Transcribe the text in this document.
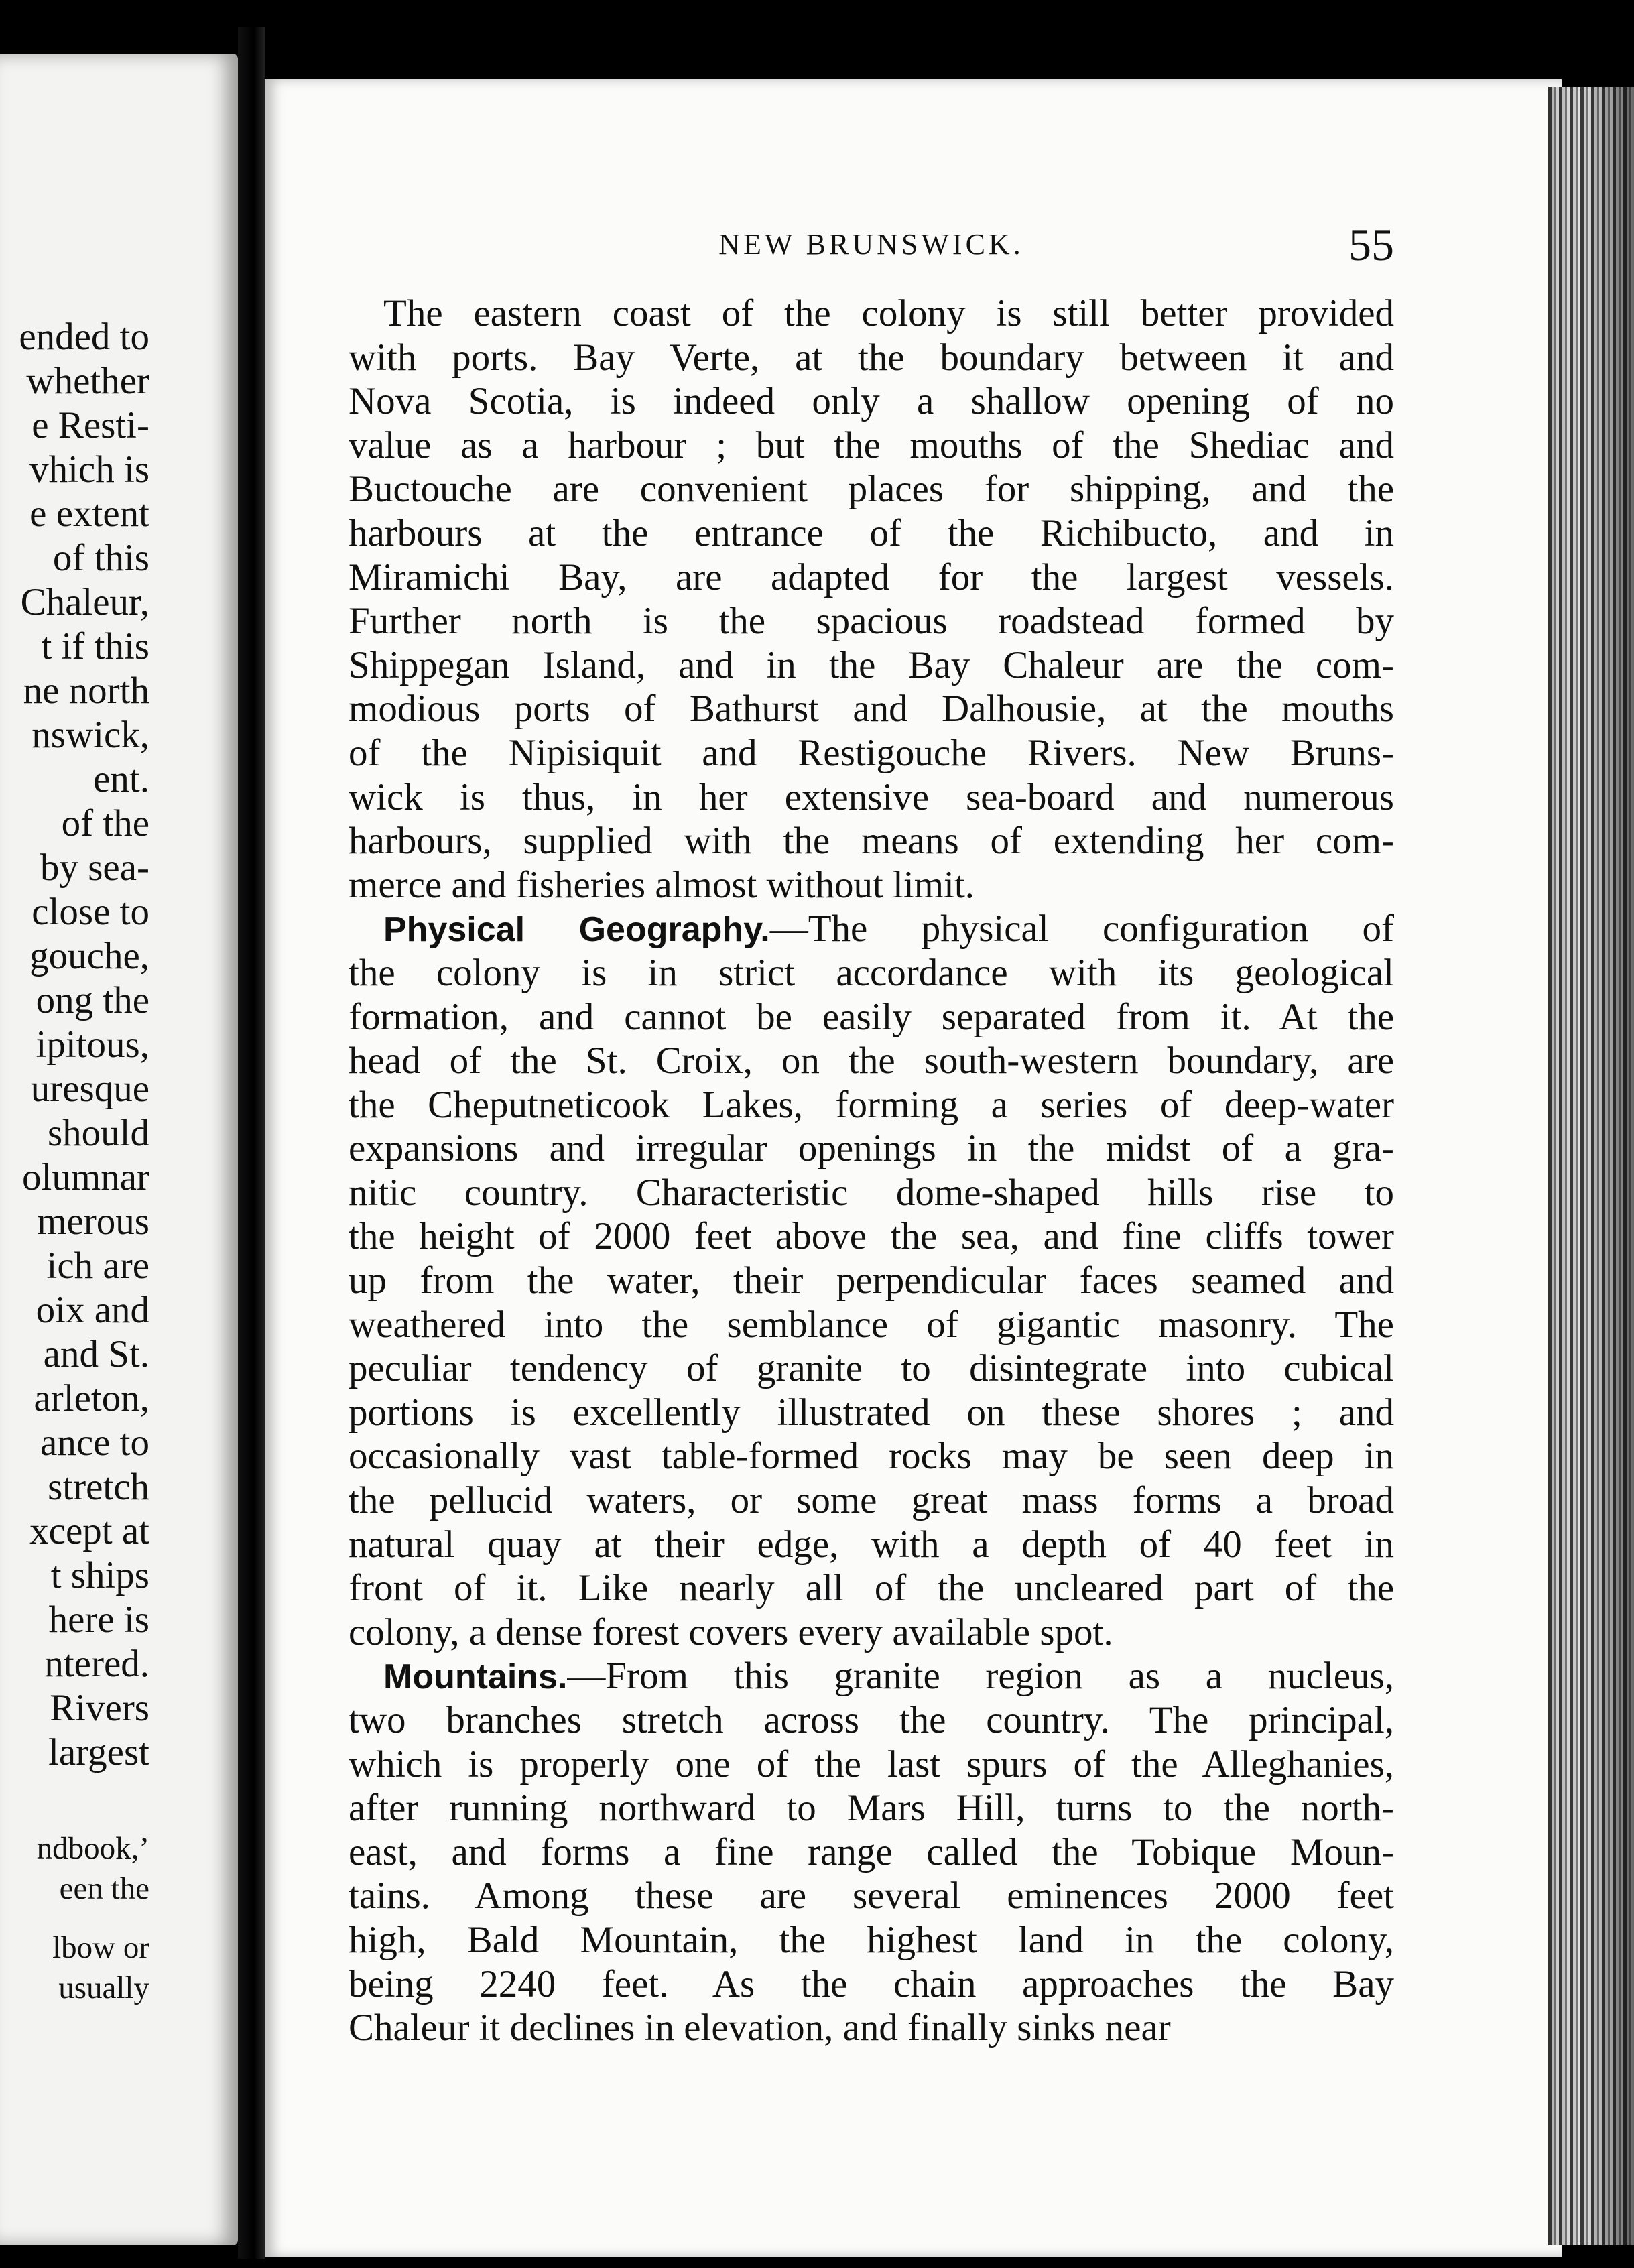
ended to
whether
e Resti-
vhich is
e extent
of this
Chaleur,
t if this
ne north
nswick,
ent.
of the
by sea-
close to
gouche,
ong the
ipitous,
uresque
should
olumnar
merous
ich are
oix and
and St.
arleton,
ance to
stretch
xcept at
t ships
here is
ntered.
Rivers
largest
ndbook,’
een the
lbow or
usually
NEW BRUNSWICK.	55
The eastern coast of the colony is still better provided
with ports. Bay Verte, at the boundary between it and
Nova Scotia, is indeed only a shallow opening of no
value as a harbour ; but the mouths of the Shediac and
Buctouche are convenient places for shipping, and the
harbours at the entrance of the Richibucto, and in
Miramichi Bay, are adapted for the largest vessels.
Further north is the spacious roadstead formed by
Shippegan Island, and in the Bay Chaleur are the com-
modious ports of Bathurst and Dalhousie, at the mouths
of the Nipisiquit and Restigouche Rivers. New Bruns-
wick is thus, in her extensive sea-board and numerous
harbours, supplied with the means of extending her com-
merce and fisheries almost without limit.
Physical Geography.—The physical configuration of
the colony is in strict accordance with its geological
formation, and cannot be easily separated from it. At the
head of the St. Croix, on the south-western boundary, are
the Cheputneticook Lakes, forming a series of deep-water
expansions and irregular openings in the midst of a gra-
nitic country. Characteristic dome-shaped hills rise to
the height of 2000 feet above the sea, and fine cliffs tower
up from the water, their perpendicular faces seamed and
weathered into the semblance of gigantic masonry. The
peculiar tendency of granite to disintegrate into cubical
portions is excellently illustrated on these shores ; and
occasionally vast table-formed rocks may be seen deep in
the pellucid waters, or some great mass forms a broad
natural quay at their edge, with a depth of 40 feet in
front of it. Like nearly all of the uncleared part of the
colony, a dense forest covers every available spot.
Mountains.—From this granite region as a nucleus,
two branches stretch across the country. The principal,
which is properly one of the last spurs of the Alleghanies,
after running northward to Mars Hill, turns to the north-
east, and forms a fine range called the Tobique Moun-
tains. Among these are several eminences 2000 feet
high, Bald Mountain, the highest land in the colony,
being 2240 feet. As the chain approaches the Bay
Chaleur it declines in elevation, and finally sinks near
